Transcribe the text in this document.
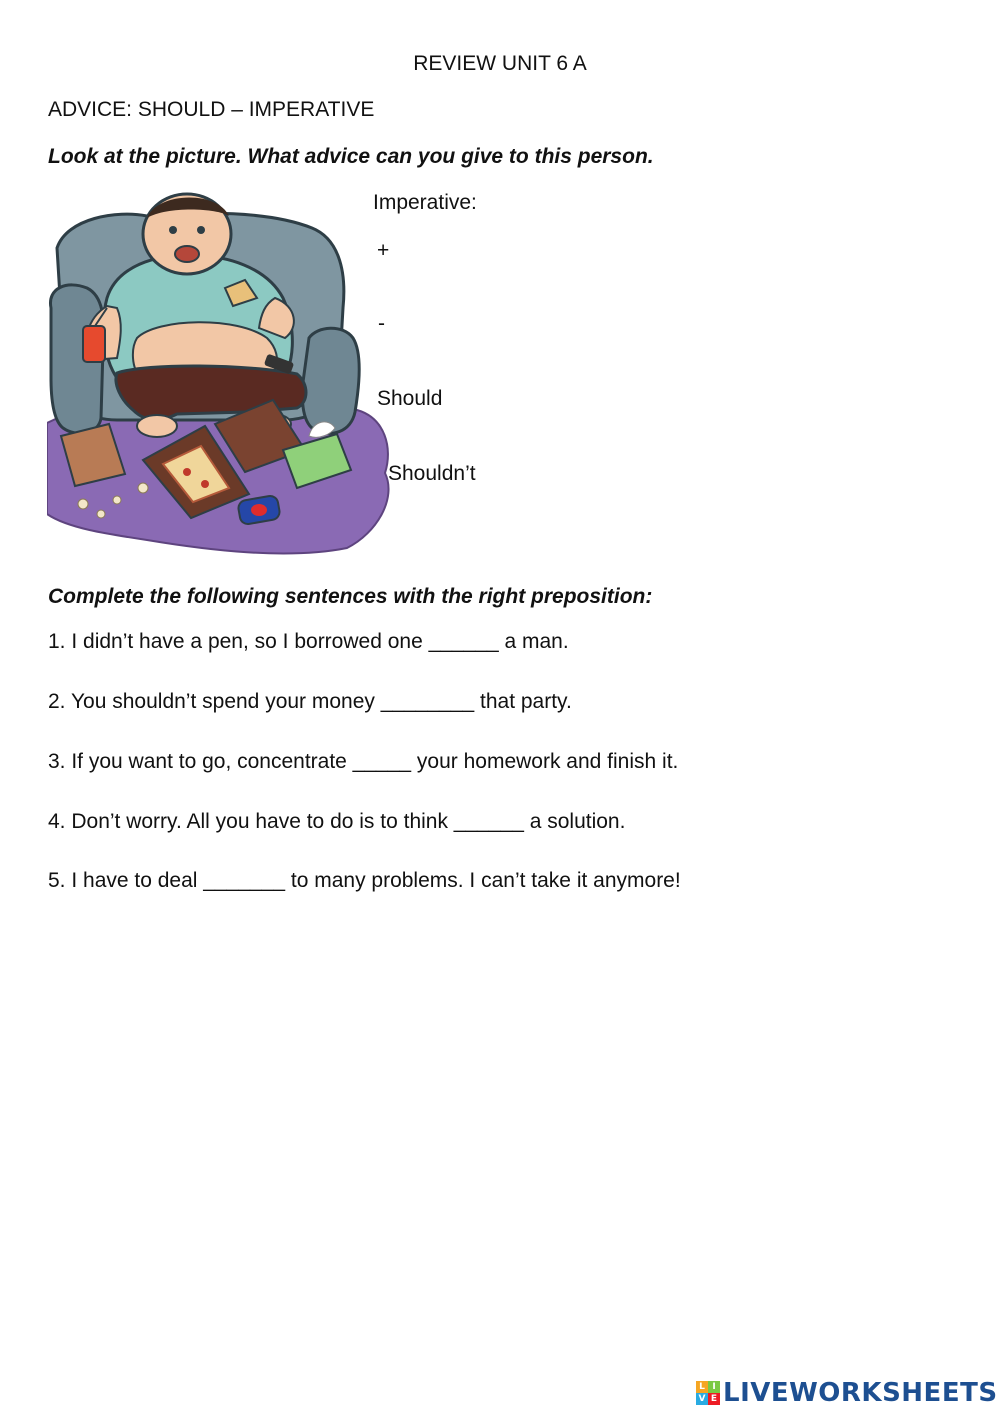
REVIEW UNIT 6 A
ADVICE: SHOULD – IMPERATIVE
Look at the picture. What advice can you give to this person.
Imperative:
+
-
Should
Shouldn’t
Complete the following sentences with the right preposition:
1. I didn’t have a pen, so I borrowed one ______ a man.
2. You shouldn’t spend your money ________ that party.
3. If you want to go, concentrate _____ your homework and finish it.
4. Don’t worry. All you have to do is to think ______ a solution.
5. I have to deal _______ to many problems. I can’t take it anymore!
L I
V E LIVEWORKSHEETS
